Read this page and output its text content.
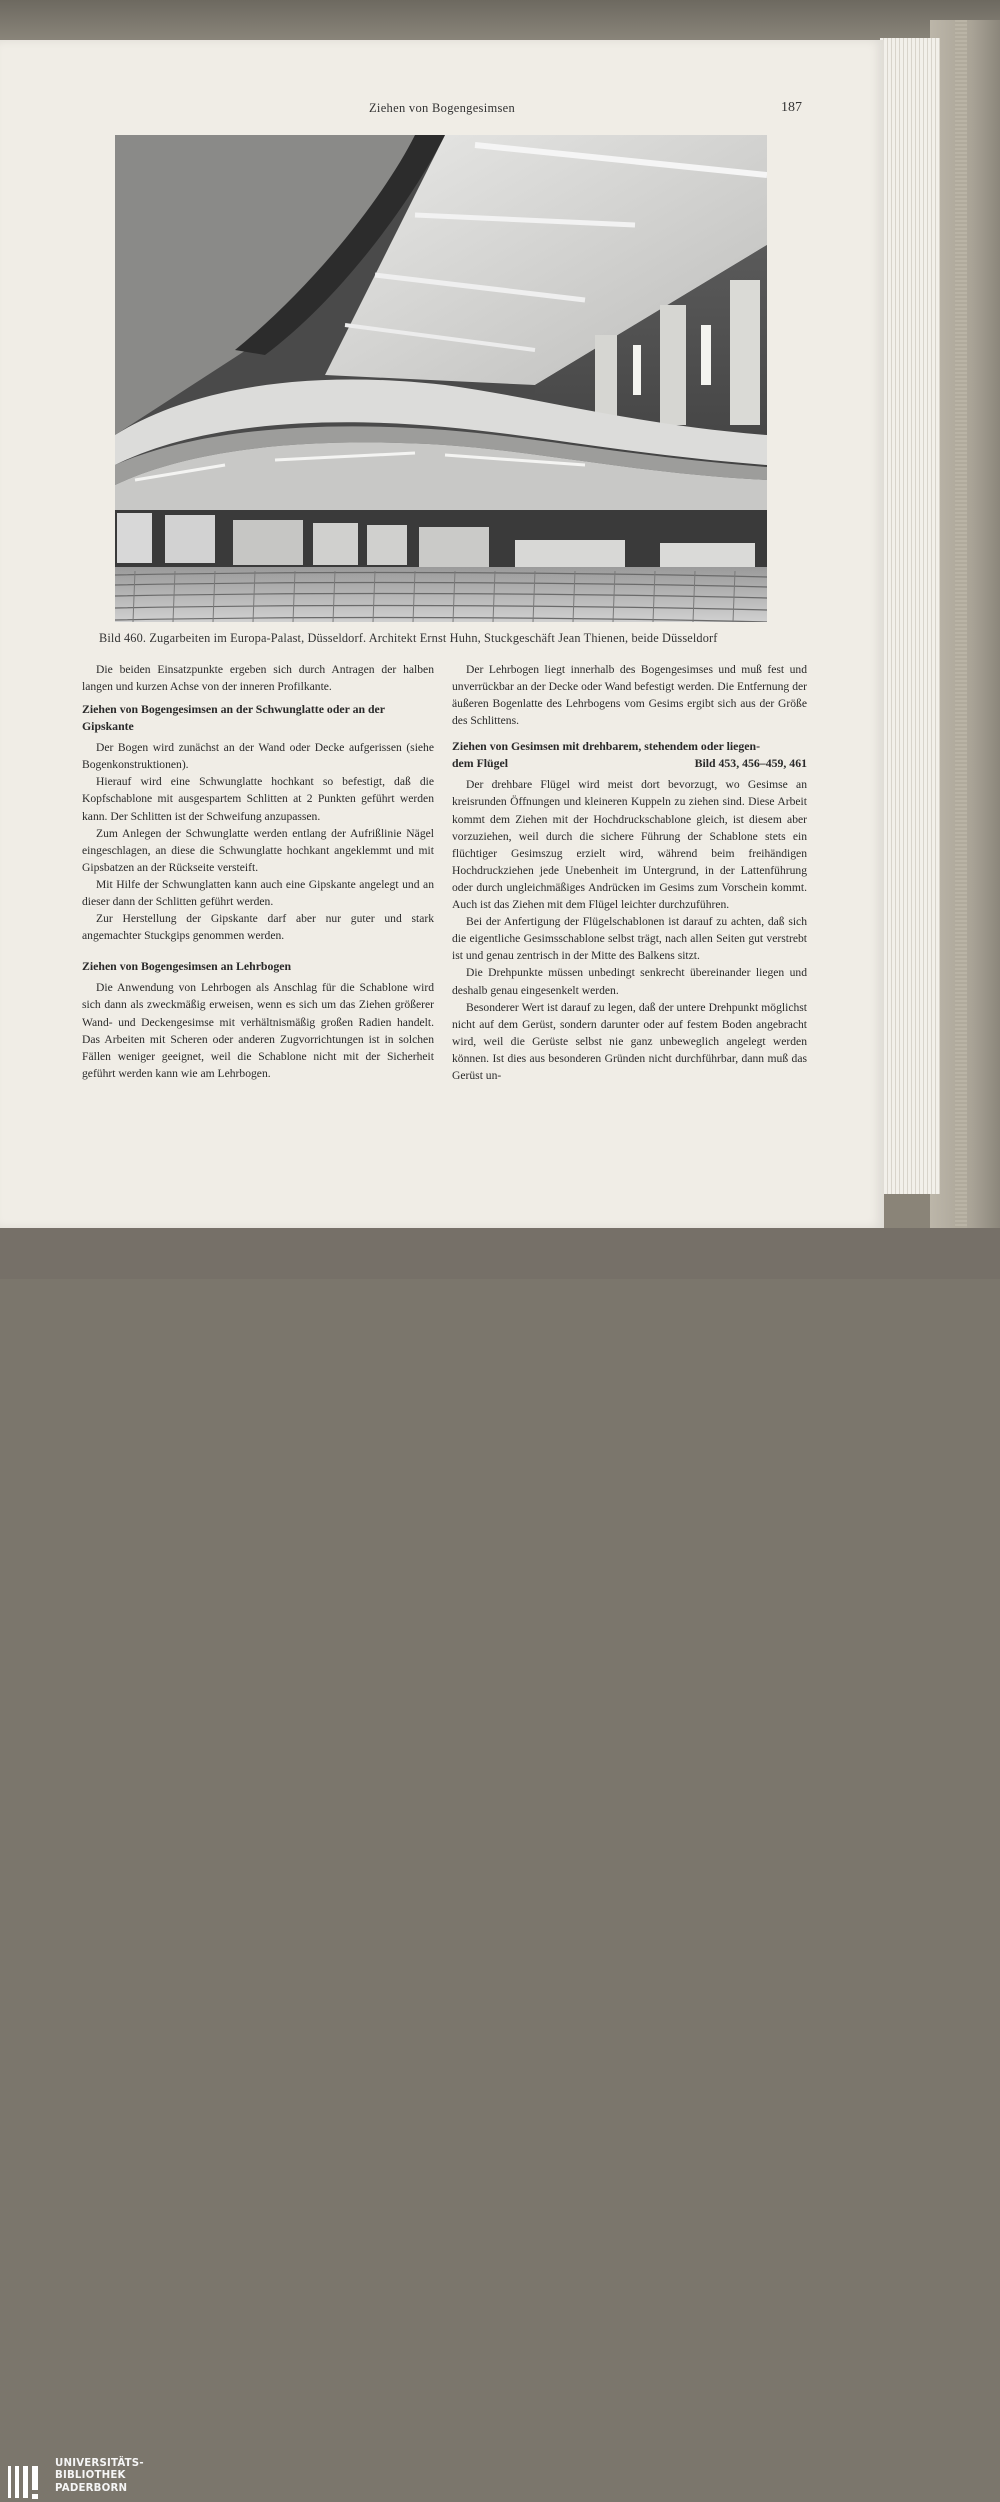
Ziehen von Bogengesimsen	187
Bild 460. Zugarbeiten im Europa-Palast, Düsseldorf. Architekt Ernst Huhn, Stuckgeschäft Jean Thienen, beide Düsseldorf

Die beiden Einsatzpunkte ergeben sich durch Antragen der halben langen und kurzen Achse von der inneren Profilkante.

Ziehen von Bogengesimsen an der Schwunglatte oder an der Gipskante

Der Bogen wird zunächst an der Wand oder Decke aufgerissen (siehe Bogenkonstruktionen).

Hierauf wird eine Schwunglatte hochkant so befestigt, daß die Kopfschablone mit ausgespartem Schlitten at 2 Punkten geführt werden kann. Der Schlitten ist der Schweifung anzupassen.

Zum Anlegen der Schwunglatte werden entlang der Aufrißlinie Nägel eingeschlagen, an diese die Schwunglatte hochkant angeklemmt und mit Gipsbatzen an der Rückseite versteift.

Mit Hilfe der Schwunglatten kann auch eine Gipskante angelegt und an dieser dann der Schlitten geführt werden.

Zur Herstellung der Gipskante darf aber nur guter und stark angemachter Stuckgips genommen werden.

Ziehen von Bogengesimsen an Lehrbogen

Die Anwendung von Lehrbogen als Anschlag für die Schablone wird sich dann als zweckmäßig erweisen, wenn es sich um das Ziehen größerer Wand- und Deckengesimse mit verhältnismäßig großen Radien handelt. Das Arbeiten mit Scheren oder anderen Zugvorrichtungen ist in solchen Fällen weniger geeignet, weil die Schablone nicht mit der Sicherheit geführt werden kann wie am Lehrbogen.

Der Lehrbogen liegt innerhalb des Bogengesimses und muß fest und unverrückbar an der Decke oder Wand befestigt werden. Die Entfernung der äußeren Bogenlatte des Lehrbogens vom Gesims ergibt sich aus der Größe des Schlittens.

Ziehen von Gesimsen mit drehbarem, stehendem oder liegen-
dem Flügel	Bild 453, 456–459, 461

Der drehbare Flügel wird meist dort bevorzugt, wo Gesimse an kreisrunden Öffnungen und kleineren Kuppeln zu ziehen sind. Diese Arbeit kommt dem Ziehen mit der Hochdruckschablone gleich, ist diesem aber vorzuziehen, weil durch die sichere Führung der Schablone stets ein flüchtiger Gesimszug erzielt wird, während beim freihändigen Hochdruckziehen jede Unebenheit im Untergrund, in der Lattenführung oder durch ungleichmäßiges Andrücken im Gesims zum Vorschein kommt. Auch ist das Ziehen mit dem Flügel leichter durchzuführen.

Bei der Anfertigung der Flügelschablonen ist darauf zu achten, daß sich die eigentliche Gesimsschablone selbst trägt, nach allen Seiten gut verstrebt ist und genau zentrisch in der Mitte des Balkens sitzt.

Die Drehpunkte müssen unbedingt senkrecht übereinander liegen und deshalb genau eingesenkelt werden.

Besonderer Wert ist darauf zu legen, daß der untere Drehpunkt möglichst nicht auf dem Gerüst, sondern darunter oder auf festem Boden angebracht wird, weil die Gerüste selbst nie ganz unbeweglich angelegt werden können. Ist dies aus besonderen Gründen nicht durchführbar, dann muß das Gerüst un-

UNIVERSITÄTS-
BIBLIOTHEK
PADERBORN
